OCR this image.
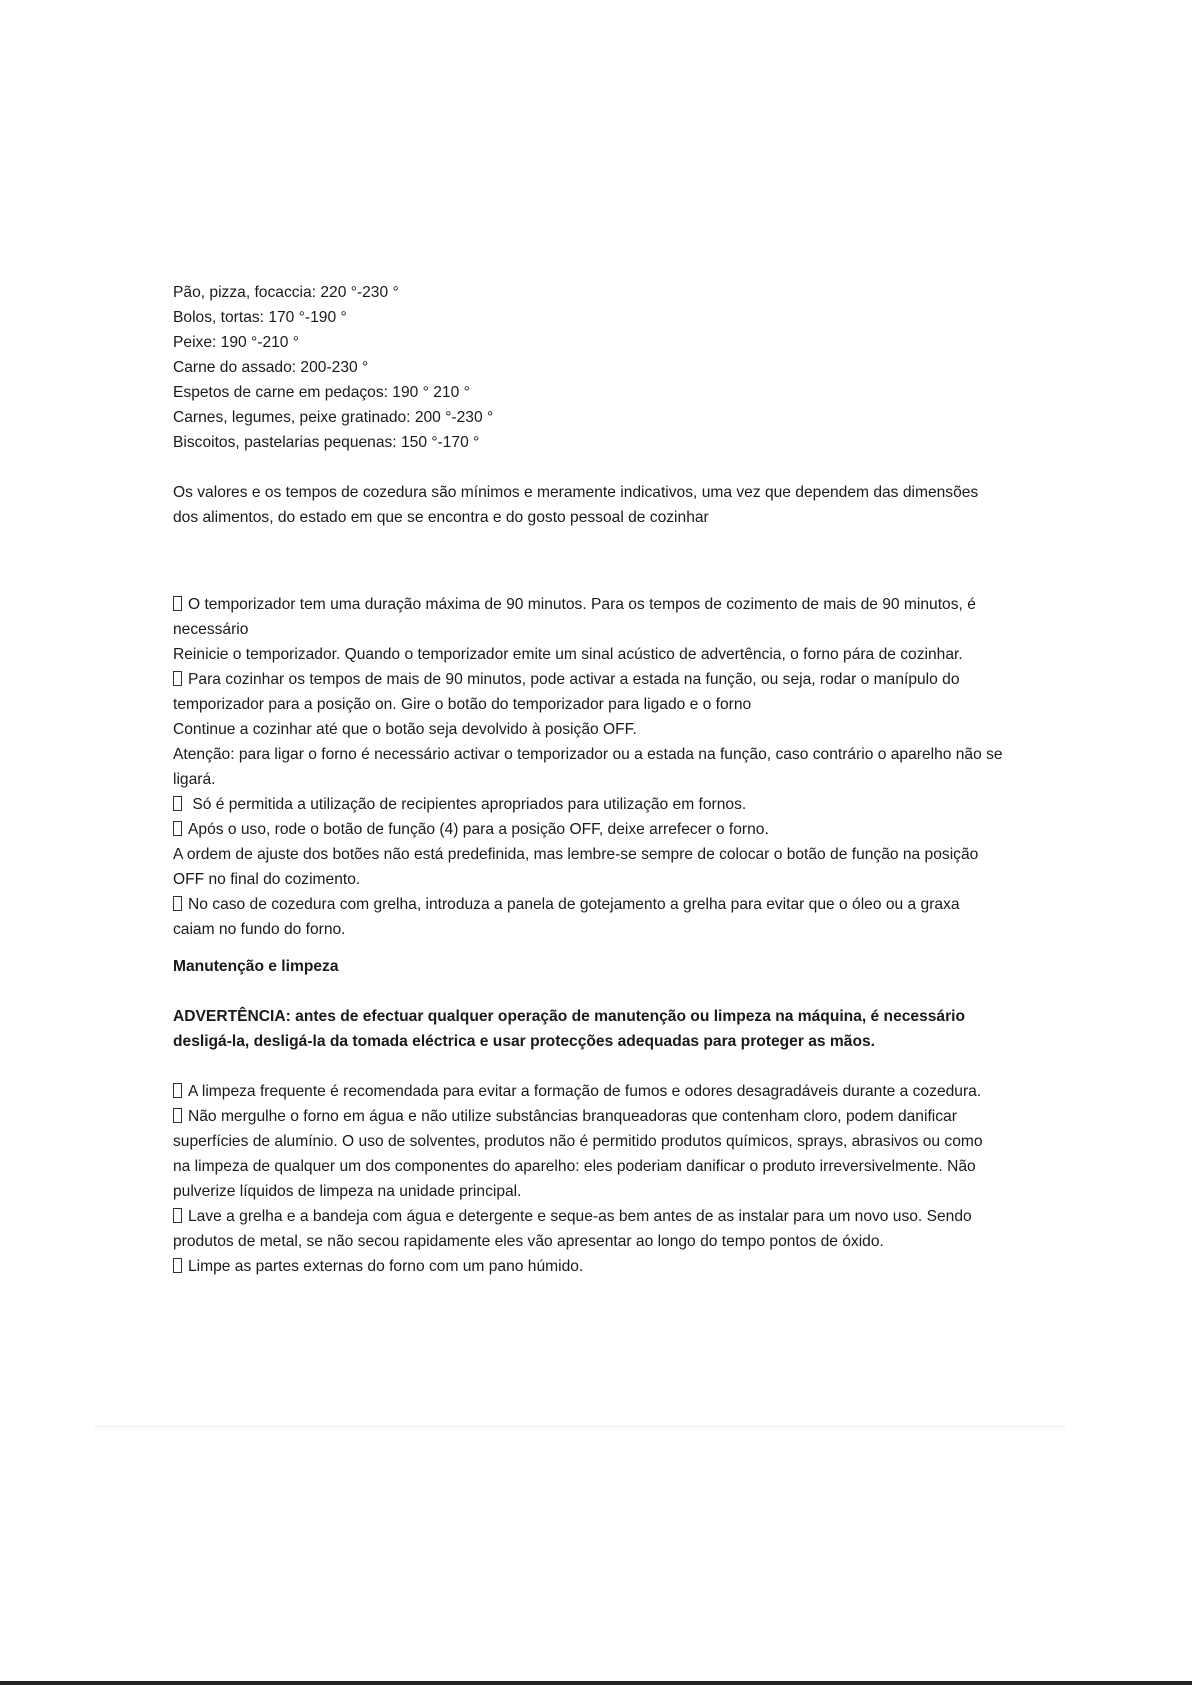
Pão, pizza, focaccia: 220 °-230 °
Bolos, tortas: 170 °-190 °
Peixe: 190 °-210 °
Carne do assado: 200-230 °
Espetos de carne em pedaços: 190 ° 210 °
Carnes, legumes, peixe gratinado: 200 °-230 °
Biscoitos, pastelarias pequenas: 150 °-170 °
Os valores e os tempos de cozedura são mínimos e meramente indicativos, uma vez que dependem das dimensões dos alimentos, do estado em que se encontra e do gosto pessoal de cozinhar
O temporizador tem uma duração máxima de 90 minutos. Para os tempos de cozimento de mais de 90 minutos, é necessário
Reinicie o temporizador. Quando o temporizador emite um sinal acústico de advertência, o forno pára de cozinhar.
Para cozinhar os tempos de mais de 90 minutos, pode activar a estada na função, ou seja, rodar o manípulo do temporizador para a posição on. Gire o botão do temporizador para ligado e o forno
Continue a cozinhar até que o botão seja devolvido à posição OFF.
Atenção: para ligar o forno é necessário activar o temporizador ou a estada na função, caso contrário o aparelho não se ligará.
Só é permitida a utilização de recipientes apropriados para utilização em fornos.
Após o uso, rode o botão de função (4) para a posição OFF, deixe arrefecer o forno.
A ordem de ajuste dos botões não está predefinida, mas lembre-se sempre de colocar o botão de função na posição OFF no final do cozimento.
No caso de cozedura com grelha, introduza a panela de gotejamento a grelha para evitar que o óleo ou a graxa caiam no fundo do forno.
Manutenção e limpeza
ADVERTÊNCIA: antes de efectuar qualquer operação de manutenção ou limpeza na máquina, é necessário desligá-la, desligá-la da tomada eléctrica e usar protecções adequadas para proteger as mãos.
A limpeza frequente é recomendada para evitar a formação de fumos e odores desagradáveis durante a cozedura.
Não mergulhe o forno em água e não utilize substâncias branqueadoras que contenham cloro, podem danificar superfícies de alumínio. O uso de solventes, produtos não é permitido produtos químicos, sprays, abrasivos ou como na limpeza de qualquer um dos componentes do aparelho: eles poderiam danificar o produto irreversivelmente. Não pulverize líquidos de limpeza na unidade principal.
Lave a grelha e a bandeja com água e detergente e seque-as bem antes de as instalar para um novo uso. Sendo produtos de metal, se não secou rapidamente eles vão apresentar ao longo do tempo pontos de óxido.
Limpe as partes externas do forno com um pano húmido.
